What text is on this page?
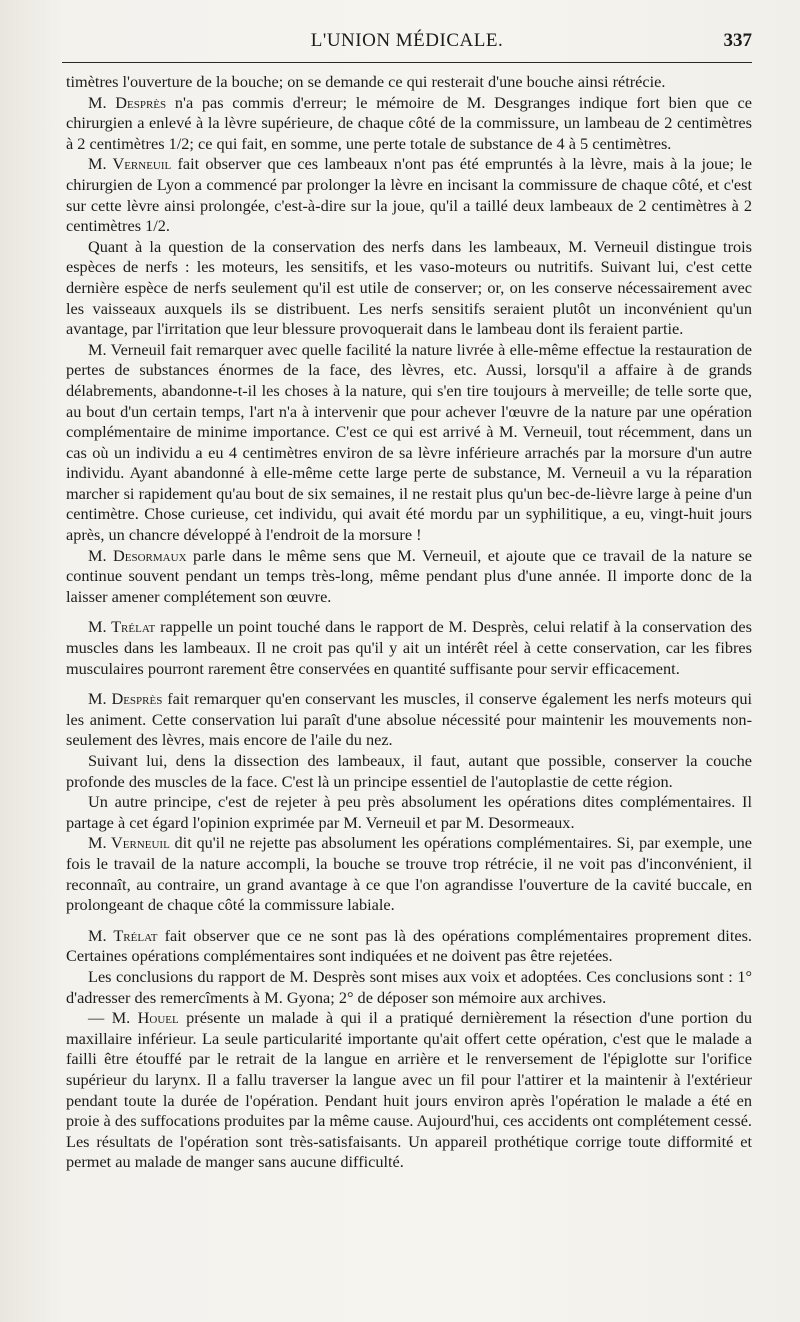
L'UNION MÉDICALE.	337

timètres l'ouverture de la bouche; on se demande ce qui resterait d'une bouche ainsi rétrécie.

M. Desprès n'a pas commis d'erreur; le mémoire de M. Desgranges indique fort bien que ce chirurgien a enlevé à la lèvre supérieure, de chaque côté de la commissure, un lambeau de 2 centimètres à 2 centimètres 1/2; ce qui fait, en somme, une perte totale de substance de 4 à 5 centimètres.

M. Verneuil fait observer que ces lambeaux n'ont pas été empruntés à la lèvre, mais à la joue; le chirurgien de Lyon a commencé par prolonger la lèvre en incisant la commissure de chaque côté, et c'est sur cette lèvre ainsi prolongée, c'est-à-dire sur la joue, qu'il a taillé deux lambeaux de 2 centimètres à 2 centimètres 1/2.

Quant à la question de la conservation des nerfs dans les lambeaux, M. Verneuil distingue trois espèces de nerfs : les moteurs, les sensitifs, et les vaso-moteurs ou nutritifs. Suivant lui, c'est cette dernière espèce de nerfs seulement qu'il est utile de conserver; or, on les conserve nécessairement avec les vaisseaux auxquels ils se distribuent. Les nerfs sensitifs seraient plutôt un inconvénient qu'un avantage, par l'irritation que leur blessure provoquerait dans le lambeau dont ils feraient partie.

M. Verneuil fait remarquer avec quelle facilité la nature livrée à elle-même effectue la restauration de pertes de substances énormes de la face, des lèvres, etc. Aussi, lorsqu'il a affaire à de grands délabrements, abandonne-t-il les choses à la nature, qui s'en tire toujours à merveille; de telle sorte que, au bout d'un certain temps, l'art n'a à intervenir que pour achever l'œuvre de la nature par une opération complémentaire de minime importance. C'est ce qui est arrivé à M. Verneuil, tout récemment, dans un cas où un individu a eu 4 centimètres environ de sa lèvre inférieure arrachés par la morsure d'un autre individu. Ayant abandonné à elle-même cette large perte de substance, M. Verneuil a vu la réparation marcher si rapidement qu'au bout de six semaines, il ne restait plus qu'un bec-de-lièvre large à peine d'un centimètre. Chose curieuse, cet individu, qui avait été mordu par un syphilitique, a eu, vingt-huit jours après, un chancre développé à l'endroit de la morsure !

M. Desormaux parle dans le même sens que M. Verneuil, et ajoute que ce travail de la nature se continue souvent pendant un temps très-long, même pendant plus d'une année. Il importe donc de la laisser amener complétement son œuvre.

M. Trélat rappelle un point touché dans le rapport de M. Desprès, celui relatif à la conservation des muscles dans les lambeaux. Il ne croit pas qu'il y ait un intérêt réel à cette conservation, car les fibres musculaires pourront rarement être conservées en quantité suffisante pour servir efficacement.

M. Desprès fait remarquer qu'en conservant les muscles, il conserve également les nerfs moteurs qui les animent. Cette conservation lui paraît d'une absolue nécessité pour maintenir les mouvements non-seulement des lèvres, mais encore de l'aile du nez.

Suivant lui, dens la dissection des lambeaux, il faut, autant que possible, conserver la couche profonde des muscles de la face. C'est là un principe essentiel de l'autoplastie de cette région.

Un autre principe, c'est de rejeter à peu près absolument les opérations dites complémentaires. Il partage à cet égard l'opinion exprimée par M. Verneuil et par M. Desormeaux.

M. Verneuil dit qu'il ne rejette pas absolument les opérations complémentaires. Si, par exemple, une fois le travail de la nature accompli, la bouche se trouve trop rétrécie, il ne voit pas d'inconvénient, il reconnaît, au contraire, un grand avantage à ce que l'on agrandisse l'ouverture de la cavité buccale, en prolongeant de chaque côté la commissure labiale.

M. Trélat fait observer que ce ne sont pas là des opérations complémentaires proprement dites. Certaines opérations complémentaires sont indiquées et ne doivent pas être rejetées.

Les conclusions du rapport de M. Desprès sont mises aux voix et adoptées. Ces conclusions sont : 1° d'adresser des remercîments à M. Gyona; 2° de déposer son mémoire aux archives.

— M. Houel présente un malade à qui il a pratiqué dernièrement la résection d'une portion du maxillaire inférieur. La seule particularité importante qu'ait offert cette opération, c'est que le malade a failli être étouffé par le retrait de la langue en arrière et le renversement de l'épiglotte sur l'orifice supérieur du larynx. Il a fallu traverser la langue avec un fil pour l'attirer et la maintenir à l'extérieur pendant toute la durée de l'opération. Pendant huit jours environ après l'opération le malade a été en proie à des suffocations produites par la même cause. Aujourd'hui, ces accidents ont complétement cessé. Les résultats de l'opération sont très-satisfaisants. Un appareil prothétique corrige toute difformité et permet au malade de manger sans aucune difficulté.
